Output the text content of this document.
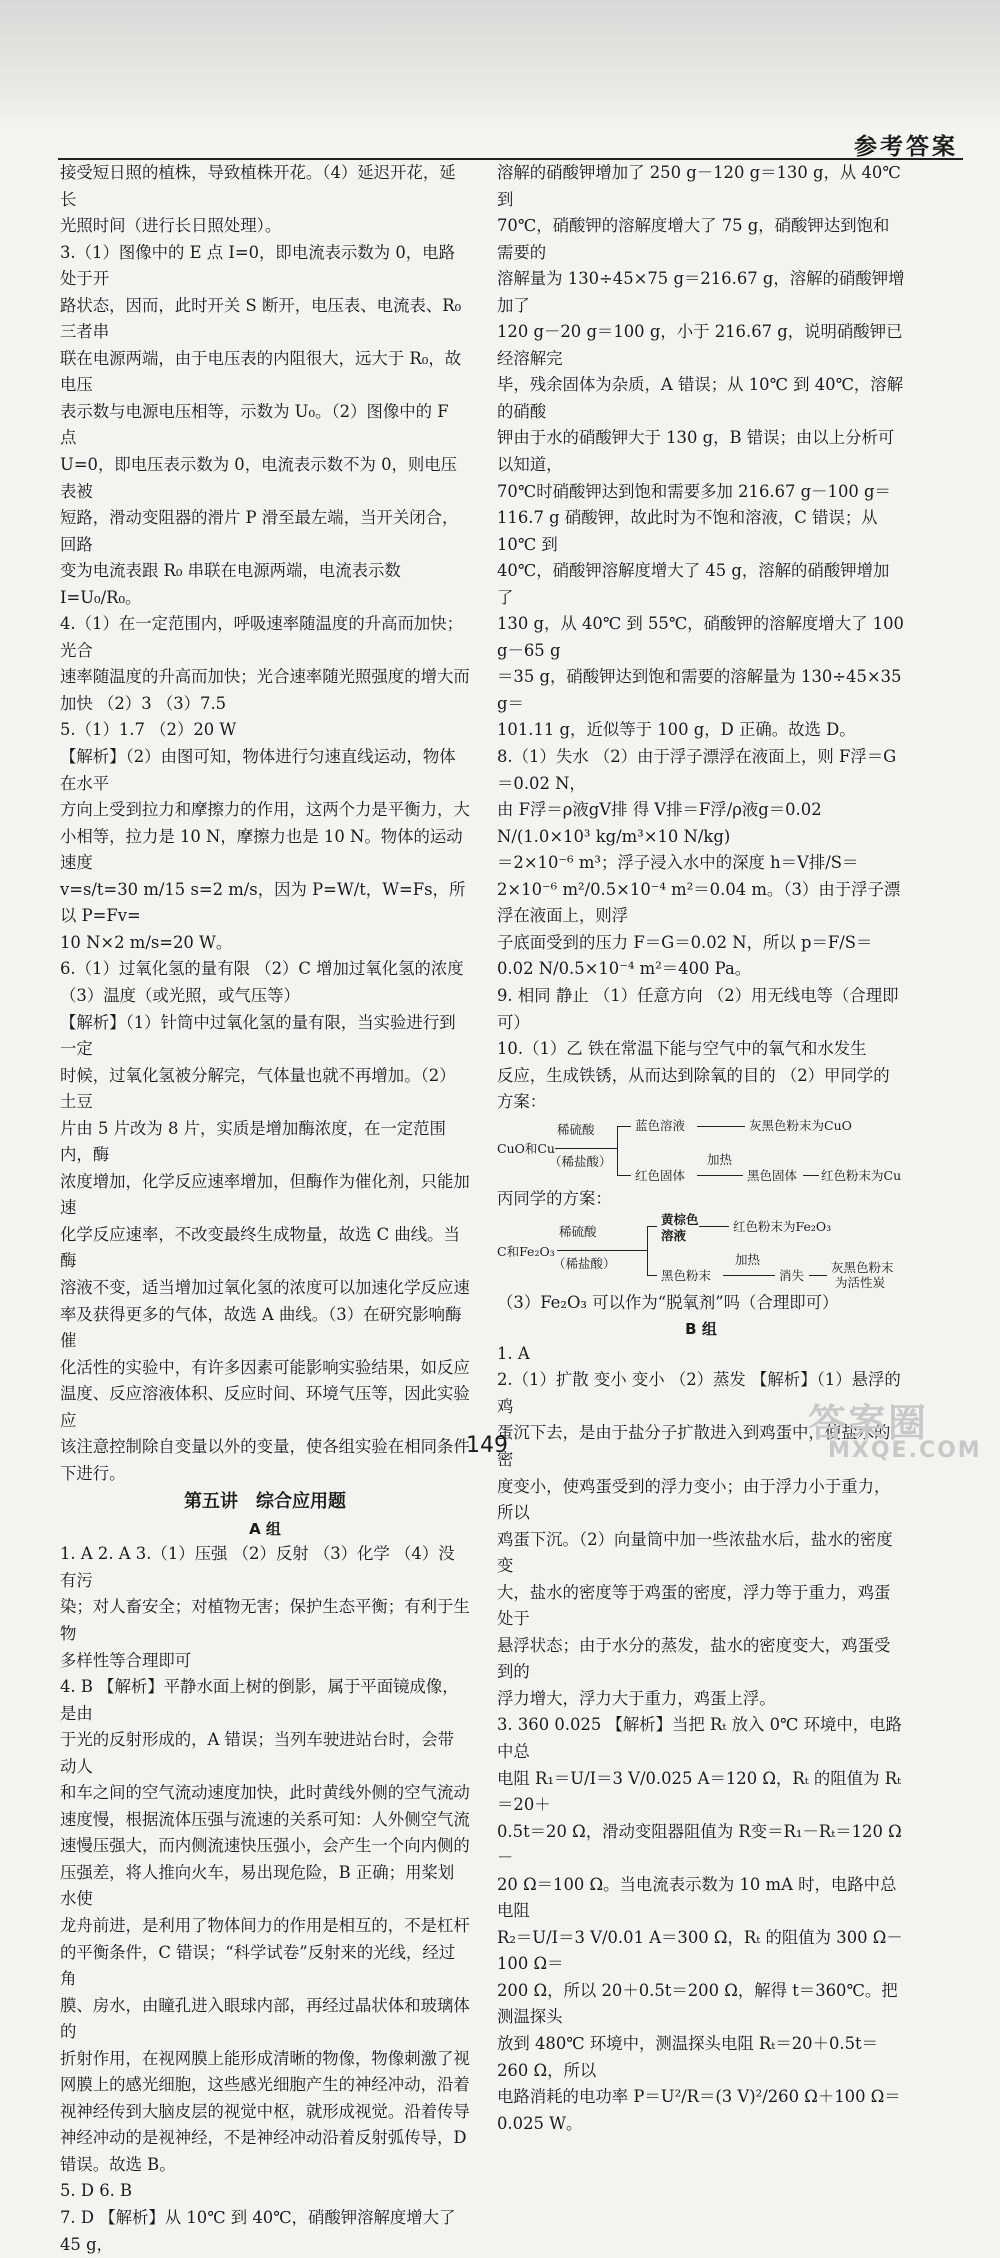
参考答案

接受短日照的植株，导致植株开花。（4）延迟开花，延长

光照时间（进行长日照处理）。

3.（1）图像中的 E 点 I=0，即电流表示数为 0，电路处于开

路状态，因而，此时开关 S 断开，电压表、电流表、R₀ 三者串

联在电源两端，由于电压表的内阻很大，远大于 R₀，故电压

表示数与电源电压相等，示数为 U₀。（2）图像中的 F 点

U=0，即电压表示数为 0，电流表示数不为 0，则电压表被

短路，滑动变阻器的滑片 P 滑至最左端，当开关闭合，回路

变为电流表跟 R₀ 串联在电源两端，电流表示数 I=U₀/R₀。

4.（1）在一定范围内，呼吸速率随温度的升高而加快；光合

速率随温度的升高而加快；光合速率随光照强度的增大而

加快 （2）3 （3）7.5

5.（1）1.7 （2）20 W

【解析】（2）由图可知，物体进行匀速直线运动，物体在水平

方向上受到拉力和摩擦力的作用，这两个力是平衡力，大

小相等，拉力是 10 N，摩擦力也是 10 N。物体的运动速度

v=s/t=30 m/15 s=2 m/s，因为 P=W/t，W=Fs，所以 P=Fv=

10 N×2 m/s=20 W。

6.（1）过氧化氢的量有限 （2）C 增加过氧化氢的浓度

（3）温度（或光照，或气压等）

【解析】（1）针筒中过氧化氢的量有限，当实验进行到一定

时候，过氧化氢被分解完，气体量也就不再增加。（2）土豆

片由 5 片改为 8 片，实质是增加酶浓度，在一定范围内，酶

浓度增加，化学反应速率增加，但酶作为催化剂，只能加速

化学反应速率，不改变最终生成物量，故选 C 曲线。当酶

溶液不变，适当增加过氧化氢的浓度可以加速化学反应速

率及获得更多的气体，故选 A 曲线。（3）在研究影响酶催

化活性的实验中，有许多因素可能影响实验结果，如反应

温度、反应溶液体积、反应时间、环境气压等，因此实验应

该注意控制除自变量以外的变量，使各组实验在相同条件

下进行。

第五讲　综合应用题
A 组

1. A 2. A 3.（1）压强 （2）反射 （3）化学 （4）没有污

染；对人畜安全；对植物无害；保护生态平衡；有利于生物

多样性等合理即可

4. B 【解析】平静水面上树的倒影，属于平面镜成像，是由

于光的反射形成的，A 错误；当列车驶进站台时，会带动人

和车之间的空气流动速度加快，此时黄线外侧的空气流动

速度慢，根据流体压强与流速的关系可知：人外侧空气流

速慢压强大，而内侧流速快压强小，会产生一个向内侧的

压强差，将人推向火车，易出现危险，B 正确；用桨划水使

龙舟前进，是利用了物体间力的作用是相互的，不是杠杆

的平衡条件，C 错误；“科学试卷”反射来的光线，经过角

膜、房水，由瞳孔进入眼球内部，再经过晶状体和玻璃体的

折射作用，在视网膜上能形成清晰的物像，物像刺激了视

网膜上的感光细胞，这些感光细胞产生的神经冲动，沿着

视神经传到大脑皮层的视觉中枢，就形成视觉。沿着传导

神经冲动的是视神经，不是神经冲动沿着反射弧传导，D

错误。故选 B。

5. D 6. B

7. D 【解析】从 10℃ 到 40℃，硝酸钾溶解度增大了 45 g，

溶解的硝酸钾增加了 250 g－120 g＝130 g，从 40℃ 到

70℃，硝酸钾的溶解度增大了 75 g，硝酸钾达到饱和需要的

溶解量为 130÷45×75 g＝216.67 g，溶解的硝酸钾增加了

120 g－20 g＝100 g，小于 216.67 g，说明硝酸钾已经溶解完

毕，残余固体为杂质，A 错误；从 10℃ 到 40℃，溶解的硝酸

钾由于水的硝酸钾大于 130 g，B 错误；由以上分析可以知道，

70℃时硝酸钾达到饱和需要多加 216.67 g－100 g＝

116.7 g 硝酸钾，故此时为不饱和溶液，C 错误；从 10℃ 到

40℃，硝酸钾溶解度增大了 45 g，溶解的硝酸钾增加了

130 g，从 40℃ 到 55℃，硝酸钾的溶解度增大了 100 g－65 g

＝35 g，硝酸钾达到饱和需要的溶解量为 130÷45×35 g＝

101.11 g，近似等于 100 g，D 正确。故选 D。

8.（1）失水 （2）由于浮子漂浮在液面上，则 F浮＝G＝0.02 N，

由 F浮＝ρ液gV排 得 V排＝F浮/ρ液g＝0.02 N/(1.0×10³ kg/m³×10 N/kg)

＝2×10⁻⁶ m³；浮子浸入水中的深度 h＝V排/S＝

2×10⁻⁶ m²/0.5×10⁻⁴ m²＝0.04 m。（3）由于浮子漂浮在液面上，则浮

子底面受到的压力 F＝G＝0.02 N，所以 p＝F/S＝

0.02 N/0.5×10⁻⁴ m²＝400 Pa。

9. 相同 静止 （1）任意方向 （2）用无线电等（合理即可）

10.（1）乙 铁在常温下能与空气中的氧气和水发生

反应，生成铁锈，从而达到除氧的目的 （2）甲同学的

方案：

CuO和Cu
稀硫酸
（稀盐酸）
蓝色溶液	灰黑色粉末为CuO
红色固体
加热
黑色固体 红色粉末为Cu

丙同学的方案：

C和Fe₂O₃
稀硫酸
（稀盐酸）
黄棕色
溶液
红色粉末为Fe₂O₃
黑色粉末
加热
消失
灰黑色粉末
为活性炭

（3）Fe₂O₃ 可以作为“脱氧剂”吗（合理即可）

B 组

1. A

2.（1）扩散 变小 变小 （2）蒸发 【解析】（1）悬浮的鸡

蛋沉下去，是由于盐分子扩散进入到鸡蛋中，使盐水的密

度变小，使鸡蛋受到的浮力变小；由于浮力小于重力，所以

鸡蛋下沉。（2）向量筒中加一些浓盐水后，盐水的密度变

大，盐水的密度等于鸡蛋的密度，浮力等于重力，鸡蛋处于

悬浮状态；由于水分的蒸发，盐水的密度变大，鸡蛋受到的

浮力增大，浮力大于重力，鸡蛋上浮。

3. 360 0.025 【解析】当把 Rₜ 放入 0℃ 环境中，电路中总

电阻 R₁＝U/I＝3 V/0.025 A＝120 Ω，Rₜ 的阻值为 Rₜ＝20＋

0.5t＝20 Ω，滑动变阻器阻值为 R变＝R₁－Rₜ＝120 Ω－

20 Ω＝100 Ω。当电流表示数为 10 mA 时，电路中总电阻

R₂＝U/I＝3 V/0.01 A＝300 Ω，Rₜ 的阻值为 300 Ω－100 Ω＝

200 Ω，所以 20＋0.5t＝200 Ω，解得 t＝360℃。把测温探头

放到 480℃ 环境中，测温探头电阻 Rₜ＝20＋0.5t＝260 Ω，所以

电路消耗的电功率 P＝U²/R＝(3 V)²/260 Ω＋100 Ω＝0.025 W。

149
答案圈
MXQE.COM
